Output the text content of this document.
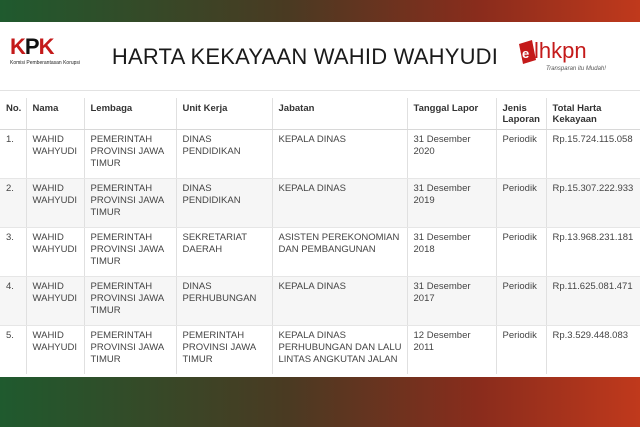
KPK
Komisi Pemberantasan Korupsi	HARTA KEKAYAAN WAHID WAHYUDI	e lhkpn
Transparan itu Mudah!
No.	Nama	Lembaga	Unit Kerja	Jabatan	Tanggal Lapor	Jenis Laporan	Total Harta Kekayaan
1.	WAHID WAHYUDI	PEMERINTAH PROVINSI JAWA TIMUR	DINAS PENDIDIKAN	KEPALA DINAS	31 Desember 2020	Periodik	Rp.15.724.115.058
2.	WAHID WAHYUDI	PEMERINTAH PROVINSI JAWA TIMUR	DINAS PENDIDIKAN	KEPALA DINAS	31 Desember 2019	Periodik	Rp.15.307.222.933
3.	WAHID WAHYUDI	PEMERINTAH PROVINSI JAWA TIMUR	SEKRETARIAT DAERAH	ASISTEN PEREKONOMIAN DAN PEMBANGUNAN	31 Desember 2018	Periodik	Rp.13.968.231.181
4.	WAHID WAHYUDI	PEMERINTAH PROVINSI JAWA TIMUR	DINAS PERHUBUNGAN	KEPALA DINAS	31 Desember 2017	Periodik	Rp.11.625.081.471
5.	WAHID WAHYUDI	PEMERINTAH PROVINSI JAWA TIMUR	PEMERINTAH PROVINSI JAWA TIMUR	KEPALA DINAS PERHUBUNGAN DAN LALU LINTAS ANGKUTAN JALAN	12 Desember 2011	Periodik	Rp.3.529.448.083
